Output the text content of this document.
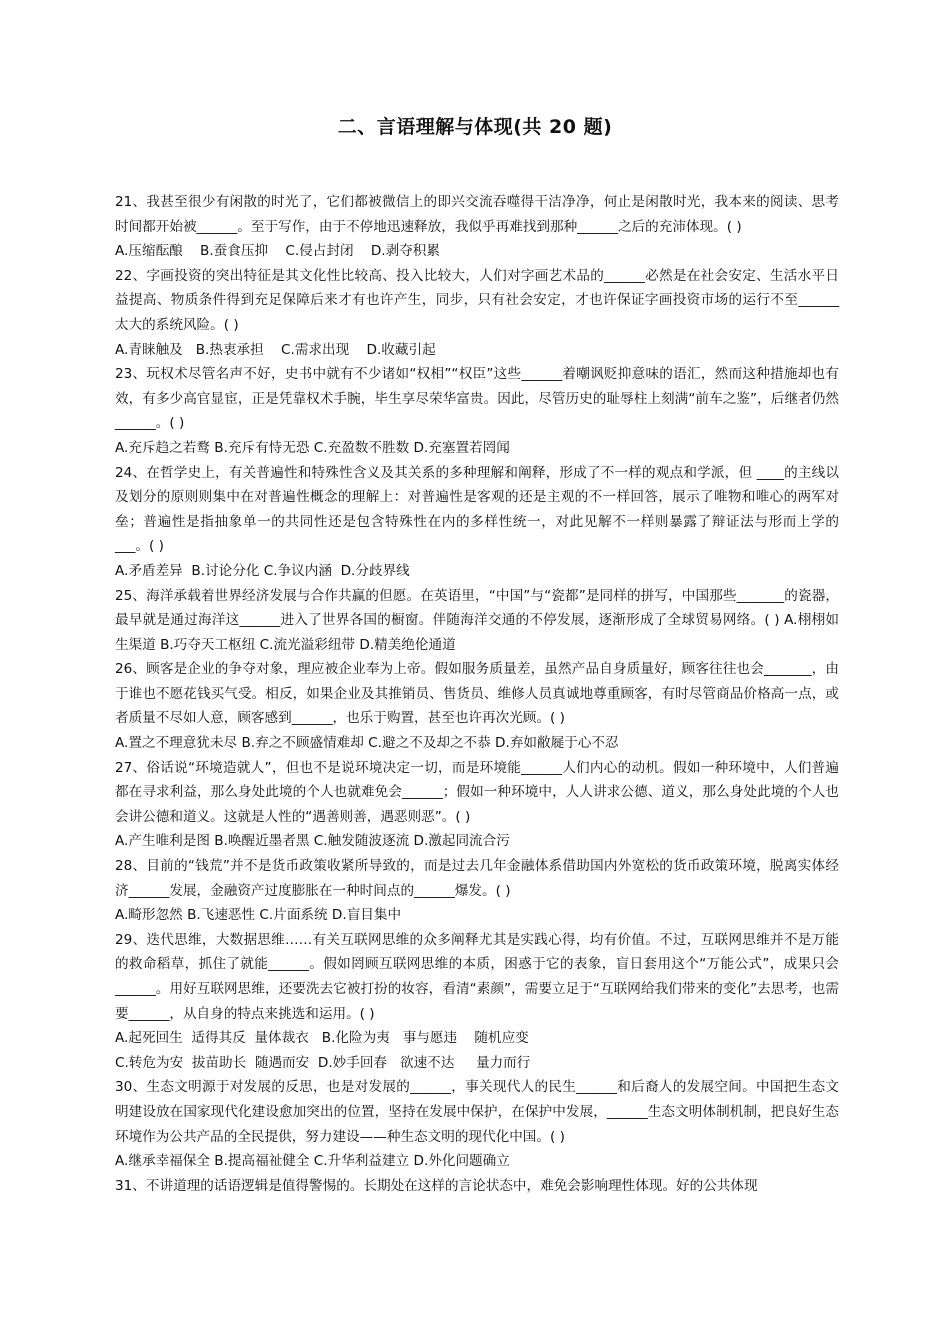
二、言语理解与体现(共 20 题)

21、我甚至很少有闲散的时光了，它们都被微信上的即兴交流吞噬得干洁净净，何止是闲散时光，我本来的阅读、思考时间都开始被______。至于写作，由于不停地迅速释放，我似乎再难找到那种______之后的充沛体现。( )

A.压缩酝酿    B.蚕食压抑    C.侵占封闭    D.剥夺积累

22、字画投资的突出特征是其文化性比较高、投入比较大，人们对字画艺术品的______必然是在社会安定、生活水平日益提高、物质条件得到充足保障后来才有也许产生，同步，只有社会安定，才也许保证字画投资市场的运行不至______ 太大的系统风险。( )

A.青睐触及   B.热衷承担    C.需求出现    D.收藏引起

23、玩权术尽管名声不好，史书中就有不少诸如“权相”“权臣”这些______着嘲讽贬抑意味的语汇，然而这种措施却也有效，有多少高官显宦，正是凭靠权术手腕，毕生享尽荣华富贵。因此，尽管历史的耻辱柱上刻满“前车之鉴”，后继者仍然______。( )

A.充斥趋之若鹜 B.充斥有恃无恐 C.充盈数不胜数 D.充塞置若罔闻

24、在哲学史上，有关普遍性和特殊性含义及其关系的多种理解和阐释，形成了不一样的观点和学派，但 ____的主线以及划分的原则则集中在对普遍性概念的理解上：对普遍性是客观的还是主观的不一样回答，展示了唯物和唯心的两军对垒；普遍性是指抽象单一的共同性还是包含特殊性在内的多样性统一，对此见解不一样则暴露了辩证法与形而上学的___。( )

A.矛盾差异  B.讨论分化 C.争议内涵  D.分歧界线

25、海洋承载着世界经济发展与合作共赢的但愿。在英语里，“中国”与“瓷都”是同样的拼写，中国那些_______的瓷器，最早就是通过海洋这______进入了世界各国的橱窗。伴随海洋交通的不停发展，逐渐形成了全球贸易网络。( ) A.栩栩如生渠道 B.巧夺天工枢纽 C.流光溢彩纽带 D.精美绝伦通道

26、顾客是企业的争夺对象，理应被企业奉为上帝。假如服务质量差，虽然产品自身质量好，顾客往往也会_______，由于谁也不愿花钱买气受。相反，如果企业及其推销员、售货员、维修人员真诚地尊重顾客，有时尽管商品价格高一点，或者质量不尽如人意，顾客感到______，也乐于购置，甚至也许再次光顾。( )

A.置之不理意犹未尽 B.弃之不顾盛情难却 C.避之不及却之不恭 D.弃如敝屣于心不忍

27、俗话说“环境造就人”，但也不是说环境决定一切，而是环境能______人们内心的动机。假如一种环境中，人们普遍都在寻求利益，那么身处此境的个人也就难免会______；假如一种环境中，人人讲求公德、道义，那么身处此境的个人也会讲公德和道义。这就是人性的“遇善则善，遇恶则恶”。( )

A.产生唯利是图 B.唤醒近墨者黑 C.触发随波逐流 D.激起同流合污

28、目前的“钱荒”并不是货币政策收紧所导致的，而是过去几年金融体系借助国内外宽松的货币政策环境，脱离实体经济______发展，金融资产过度膨胀在一种时间点的______爆发。( )

A.畸形忽然 B.飞速恶性 C.片面系统 D.盲目集中

29、迭代思维，大数据思维……有关互联网思维的众多阐释尤其是实践心得，均有价值。不过，互联网思维并不是万能的救命稻草，抓住了就能______。假如罔顾互联网思维的本质，困惑于它的表象，盲日套用这个“万能公式”，成果只会______。用好互联网思维，还要洗去它被打扮的妆容，看清“素颜”，需要立足于“互联网给我们带来的变化”去思考，也需要______，从自身的特点来挑选和运用。( )

A.起死回生  适得其反  量体裁衣   B.化险为夷   事与愿违    随机应变

C.转危为安  拔苗助长  随遇而安  D.妙手回春   欲速不达     量力而行

30、生态文明源于对发展的反思，也是对发展的______，事关现代人的民生______和后裔人的发展空间。中国把生态文明建设放在国家现代化建设愈加突出的位置，坚持在发展中保护，在保护中发展，______生态文明体制机制，把良好生态环境作为公共产品的全民提供，努力建设——种生态文明的现代化中国。( )

A.继承幸福保全 B.提高福祉健全 C.升华利益建立 D.外化问题确立

31、不讲道理的话语逻辑是值得警惕的。长期处在这样的言论状态中，难免会影响理性体现。好的公共体现
